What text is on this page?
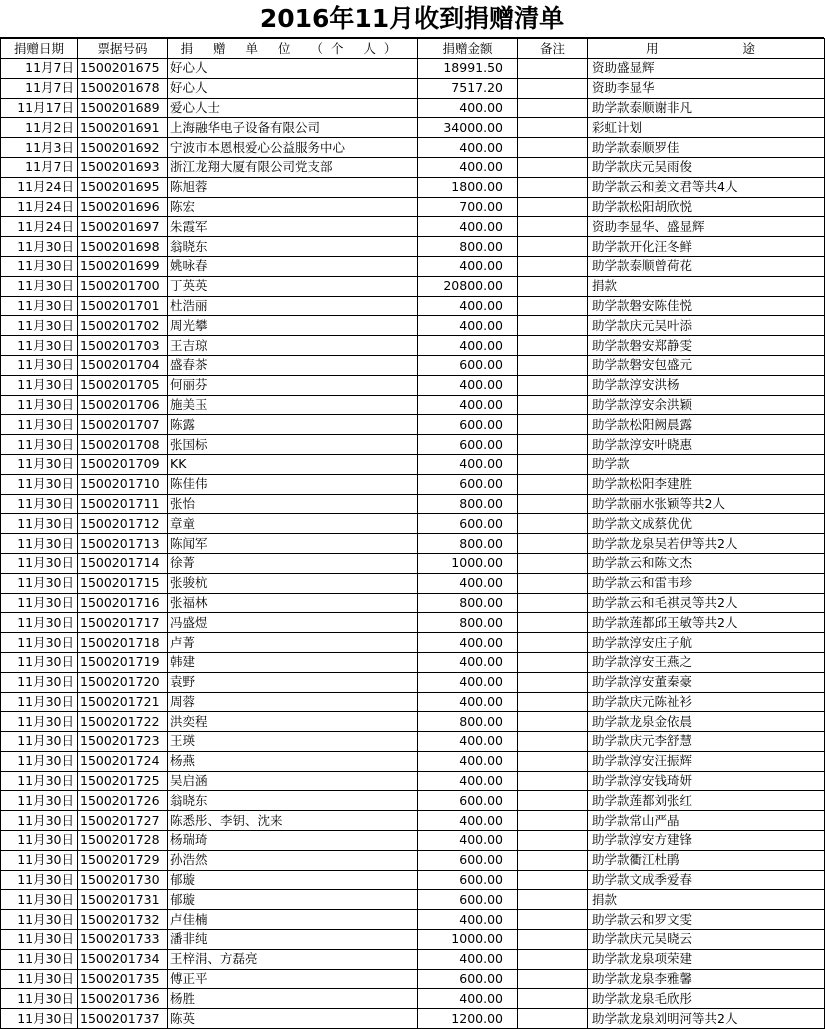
2016年11月收到捐赠清单
捐赠日期	票据号码	捐 赠 单 位 （个 人）	捐赠金额	备注	用 途
11月7日	1500201675	好心人	18991.50		资助盛显辉
11月7日	1500201678	好心人	7517.20		资助李显华
11月17日	1500201689	爱心人士	400.00		助学款泰顺谢非凡
11月2日	1500201691	上海融华电子设备有限公司	34000.00		彩虹计划
11月3日	1500201692	宁波市本恩根爱心公益服务中心	400.00		助学款泰顺罗佳
11月7日	1500201693	浙江龙翔大厦有限公司党支部	400.00		助学款庆元吴雨俊
11月24日	1500201695	陈旭蓉	1800.00		助学款云和姜文君等共4人
11月24日	1500201696	陈宏	700.00		助学款松阳胡欣悦
11月24日	1500201697	朱霞军	400.00		资助李显华、盛显辉
11月30日	1500201698	翁晓东	800.00		助学款开化汪冬鲜
11月30日	1500201699	姚咏春	400.00		助学款泰顺曾荷花
11月30日	1500201700	丁英英	20800.00		捐款
11月30日	1500201701	杜浩丽	400.00		助学款磐安陈佳悦
11月30日	1500201702	周光攀	400.00		助学款庆元吴叶添
11月30日	1500201703	王吉琼	400.00		助学款磐安郑静雯
11月30日	1500201704	盛春茶	600.00		助学款磐安包盛元
11月30日	1500201705	何丽芬	400.00		助学款淳安洪杨
11月30日	1500201706	施美玉	400.00		助学款淳安余洪颖
11月30日	1500201707	陈露	600.00		助学款松阳阙晨露
11月30日	1500201708	张国标	600.00		助学款淳安叶晓惠
11月30日	1500201709	KK	400.00		助学款
11月30日	1500201710	陈佳伟	600.00		助学款松阳李建胜
11月30日	1500201711	张怡	800.00		助学款丽水张颖等共2人
11月30日	1500201712	章童	600.00		助学款文成蔡优优
11月30日	1500201713	陈闻军	800.00		助学款龙泉吴若伊等共2人
11月30日	1500201714	徐菁	1000.00		助学款云和陈文杰
11月30日	1500201715	张骏杭	400.00		助学款云和雷韦珍
11月30日	1500201716	张福林	800.00		助学款云和毛祺灵等共2人
11月30日	1500201717	冯盛煜	800.00		助学款莲都邱王敏等共2人
11月30日	1500201718	卢菁	400.00		助学款淳安庄子航
11月30日	1500201719	韩建	400.00		助学款淳安王燕之
11月30日	1500201720	袁野	400.00		助学款淳安董秦豪
11月30日	1500201721	周蓉	400.00		助学款庆元陈祉衫
11月30日	1500201722	洪奕程	800.00		助学款龙泉金依晨
11月30日	1500201723	王瑛	400.00		助学款庆元李舒慧
11月30日	1500201724	杨燕	400.00		助学款淳安汪振辉
11月30日	1500201725	吴启涵	400.00		助学款淳安钱琦妍
11月30日	1500201726	翁晓东	600.00		助学款莲都刘张红
11月30日	1500201727	陈悉彤、李钥、沈来	400.00		助学款常山严晶
11月30日	1500201728	杨瑞琦	400.00		助学款淳安方建锋
11月30日	1500201729	孙浩然	600.00		助学款衢江杜鹃
11月30日	1500201730	郁璇	600.00		助学款文成季爱春
11月30日	1500201731	郁璇	600.00		捐款
11月30日	1500201732	卢佳楠	400.00		助学款云和罗文雯
11月30日	1500201733	潘非纯	1000.00		助学款庆元吴晓云
11月30日	1500201734	王梓涓、方磊亮	400.00		助学款龙泉项荣建
11月30日	1500201735	傅正平	600.00		助学款龙泉李雅馨
11月30日	1500201736	杨胜	400.00		助学款龙泉毛欣彤
11月30日	1500201737	陈英	1200.00		助学款龙泉刘明河等共2人
